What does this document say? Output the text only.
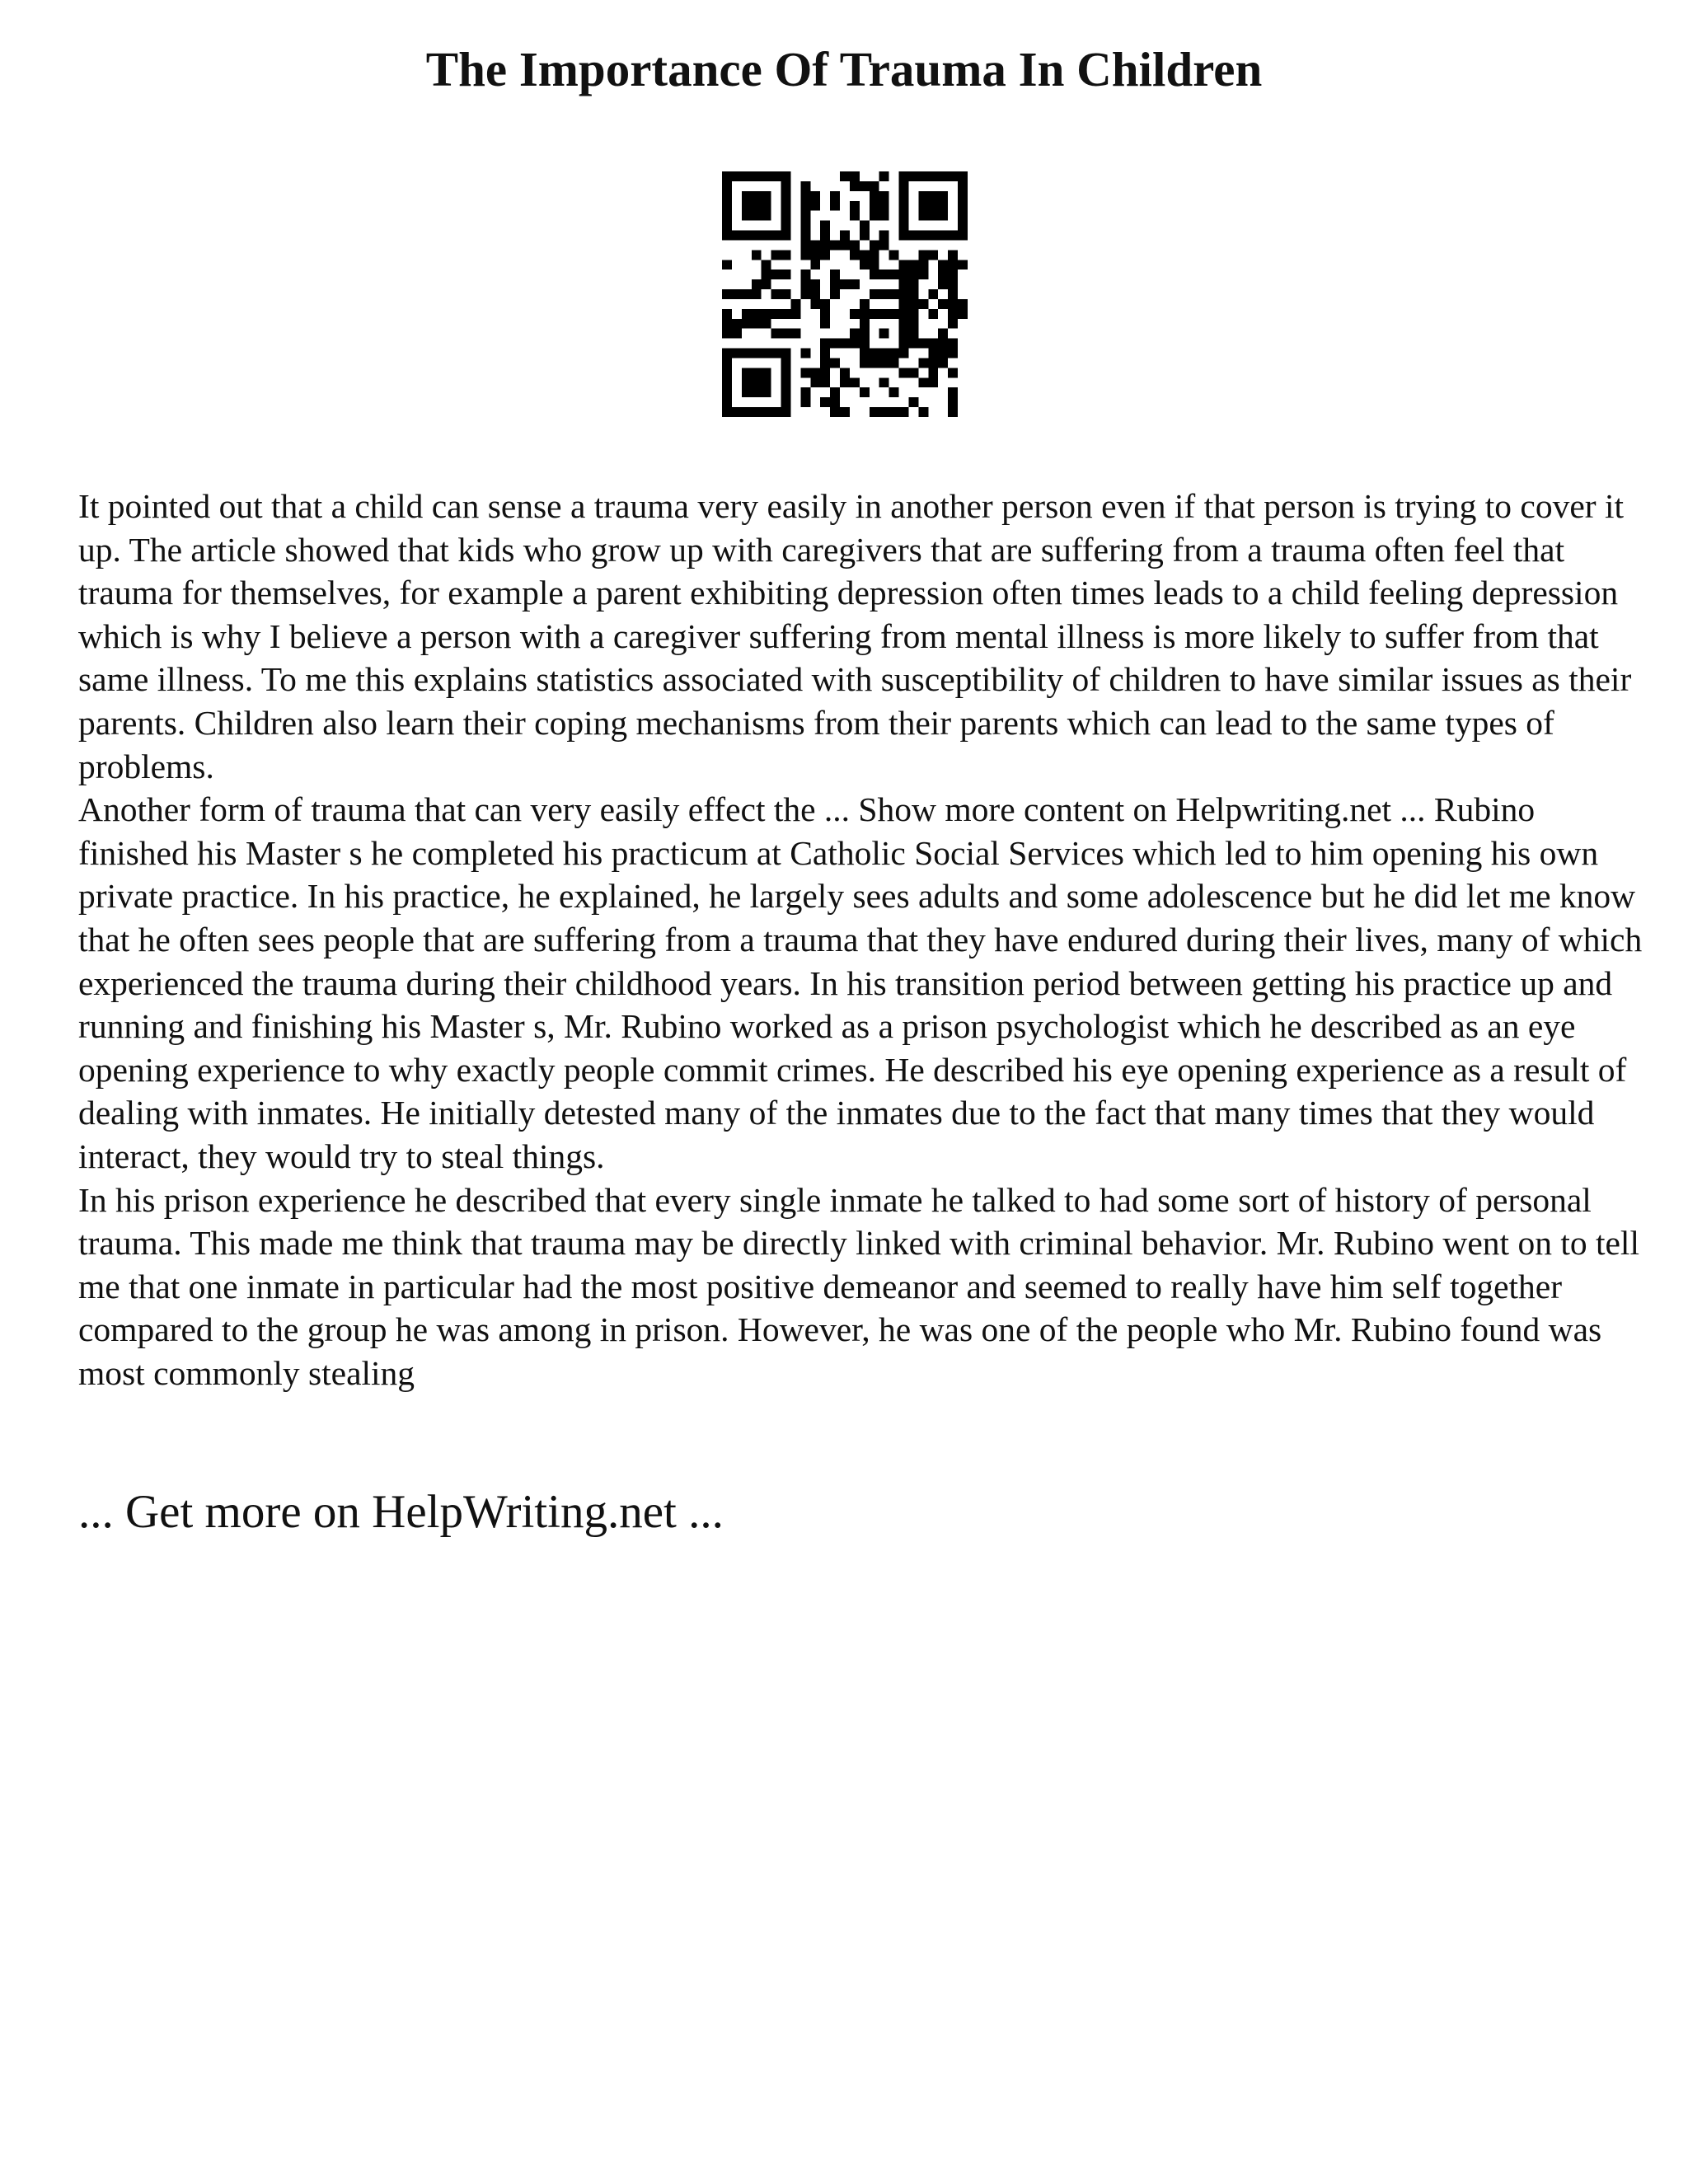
The Importance Of Trauma In Children

It pointed out that a child can sense a trauma very easily in another person even if that person is trying to cover it up. The article showed that kids who grow up with caregivers that are suffering from a trauma often feel that trauma for themselves, for example a parent exhibiting depression often times leads to a child feeling depression which is why I believe a person with a caregiver suffering from mental illness is more likely to suffer from that same illness. To me this explains statistics associated with susceptibility of children to have similar issues as their parents. Children also learn their coping mechanisms from their parents which can lead to the same types of problems.

Another form of trauma that can very easily effect the ... Show more content on Helpwriting.net ... Rubino finished his Master s he completed his practicum at Catholic Social Services which led to him opening his own private practice. In his practice, he explained, he largely sees adults and some adolescence but he did let me know that he often sees people that are suffering from a trauma that they have endured during their lives, many of which experienced the trauma during their childhood years. In his transition period between getting his practice up and running and finishing his Master s, Mr. Rubino worked as a prison psychologist which he described as an eye opening experience to why exactly people commit crimes. He described his eye opening experience as a result of dealing with inmates. He initially detested many of the inmates due to the fact that many times that they would interact, they would try to steal things.

In his prison experience he described that every single inmate he talked to had some sort of history of personal trauma. This made me think that trauma may be directly linked with criminal behavior. Mr. Rubino went on to tell me that one inmate in particular had the most positive demeanor and seemed to really have him self together compared to the group he was among in prison. However, he was one of the people who Mr. Rubino found was most commonly stealing

... Get more on HelpWriting.net ...
